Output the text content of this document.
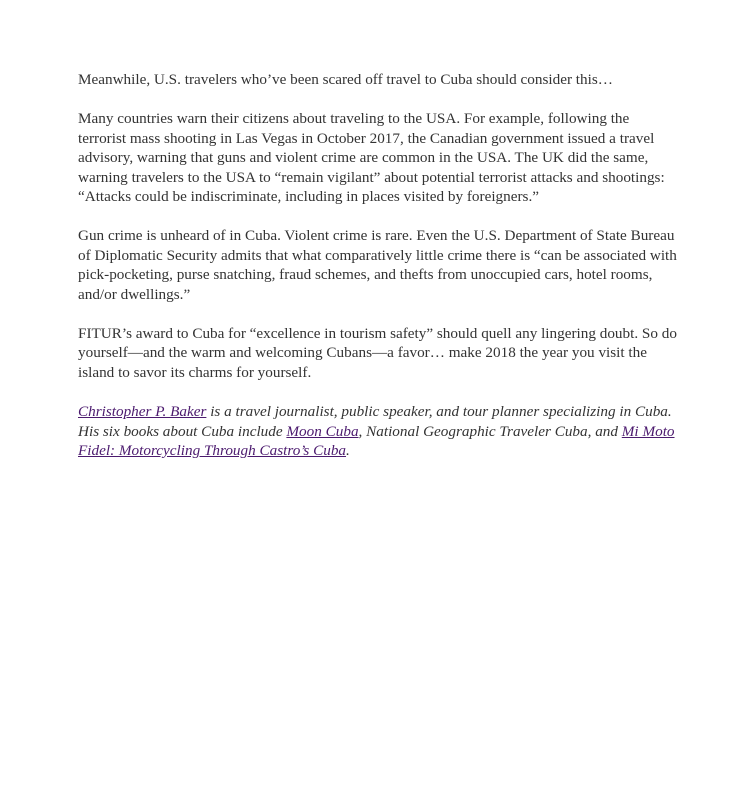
Meanwhile, U.S. travelers who’ve been scared off travel to Cuba should consider this…

Many countries warn their citizens about traveling to the USA. For example, following the terrorist mass shooting in Las Vegas in October 2017, the Canadian government issued a travel advisory, warning that guns and violent crime are common in the USA. The UK did the same, warning travelers to the USA to “remain vigilant” about potential terrorist attacks and shootings: “Attacks could be indiscriminate, including in places visited by foreigners.”

Gun crime is unheard of in Cuba. Violent crime is rare. Even the U.S. Department of State Bureau of Diplomatic Security admits that what comparatively little crime there is “can be associated with pick-pocketing, purse snatching, fraud schemes, and thefts from unoccupied cars, hotel rooms, and/or dwellings.”

FITUR’s award to Cuba for “excellence in tourism safety” should quell any lingering doubt. So do yourself—and the warm and welcoming Cubans—a favor… make 2018 the year you visit the island to savor its charms for yourself.

Christopher P. Baker is a travel journalist, public speaker, and tour planner specializing in Cuba. His six books about Cuba include Moon Cuba, National Geographic Traveler Cuba, and Mi Moto Fidel: Motorcycling Through Castro’s Cuba.
